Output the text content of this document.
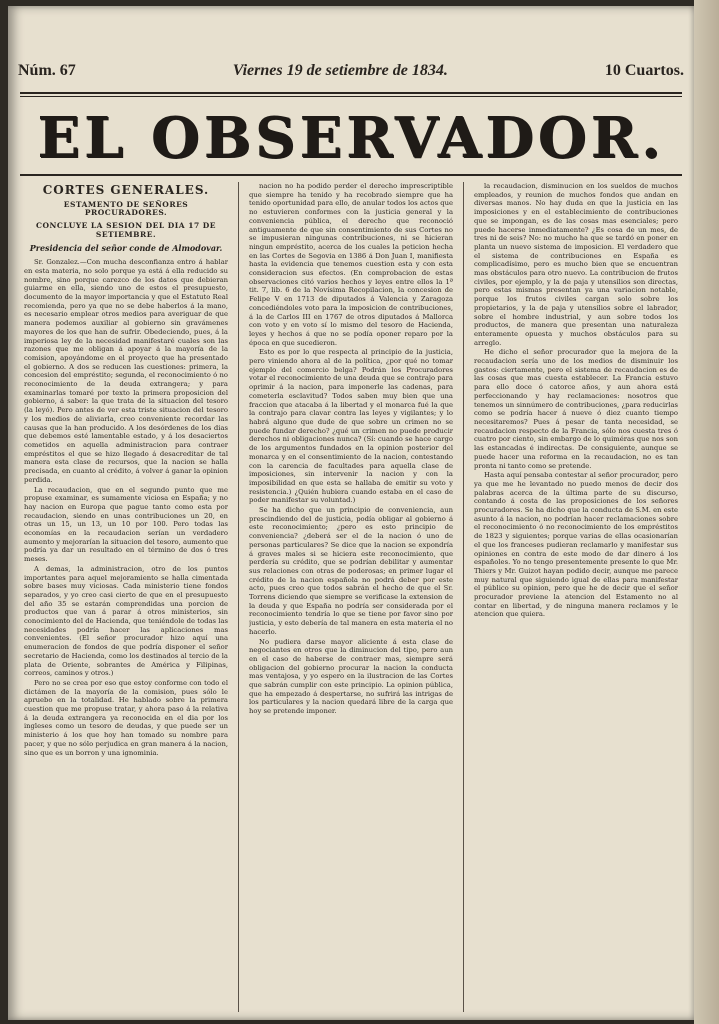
Núm. 67	Viernes 19 de setiembre de 1834.	10 Cuartos.
EL OBSERVADOR.
CORTES GENERALES.
ESTAMENTO DE SEÑORES PROCURADORES.
CONCLUYE LA SESION DEL DIA 17 DE SETIEMBRE.
Presidencia del señor conde de Almodovar.

Sr. Gonzalez.—Con mucha desconfianza entro á hablar en esta materia, no solo porque ya está á ella reducido su nombre, sino porque carezco de los datos que debieran guiarme en ella, siendo uno de estos el presupuesto, documento de la mayor importancia y que el Estatuto Real recomienda, pero ya que no se debe haberlos á la mano, es necesario emplear otros medios para averiguar de que manera podemos auxiliar al gobierno sin gravámenes mayores de los que han de sufrir. Obedeciendo, pues, á la imperiosa ley de la necesidad manifestaré cuales son las razones que me obligan á apoyar á la mayoría de la comision, apoyándome en el proyecto que ha presentado el gobierno. A dos se reducen las cuestiones: primera, la concesion del empréstito; segunda, el reconocimiento ó no reconocimiento de la deuda extrangera; y para examinarlas tomaré por texto la primera proposicion del gobierno, á saber: la que trata de la situacion del tesoro (la leyó). Pero antes de ver esta triste situacion del tesoro y los medios de aliviarla, creo conveniente recordar las causas que la han producido. A los desórdenes de los dias que debemos esté lamentable estado, y á los desaciertos cometidos en aquella administracion para contraer empréstitos el que se hizo llegado á desacreditar de tal manera esta clase de recursos, que la nacion se halla precisada, en cuanto al crédito, á volver á ganar la opinion perdida.

La recaudacion, que en el segundo punto que me propuse examinar, es sumamente viciosa en España; y no hay nacion en Europa que pague tanto como esta por recaudacion, siendo en unas contribuciones un 20, en otras un 15, un 13, un 10 por 100. Pero todas las economías en la recaudacion serían un verdadero aumento y mejorarían la situacion del tesoro, aumento que podría ya dar un resultado en el término de dos ó tres meses.

A demas, la administracion, otro de los puntos importantes para aquel mejoramiento se halla cimentada sobre bases muy viciosas. Cada ministerio tiene fondos separados, y yo creo casi cierto de que en el presupuesto del año 35 se estarán comprendidas una porcion de productos que van á parar á otros ministerios, sin conocimiento del de Hacienda, que teniéndole de todas las necesidades podría hacer las aplicaciones mas convenientes. (El señor procurador hizo aquí una enumeracion de fondos de que podría disponer el señor secretario de Hacienda, como los destinados al tercio de la plata de Oriente, sobrantes de América y Filipinas, correos, caminos y otros.)

Pero no se crea por eso que estoy conforme con todo el dictámen de la mayoría de la comision, pues sólo le apruebo en la totalidad. He hablado sobre la primera cuestion que me propuse tratar, y ahora paso á la relativa á la deuda extrangera ya reconocida en el dia por los ingleses como un tesoro de deudas, y que puede ser un ministerio á los que hoy han tomado su nombre para pacer, y que no sólo perjudica en gran manera á la nacion, sino que es un borron y una ignominia.

nacion no ha podido perder el derecho imprescriptible que siempre ha tenido y ha recobrado siempre que ha tenido oportunidad para ello, de anular todos los actos que no estuvieren conformes con la justicia general y la conveniencia pública, el derecho que reconoció antiguamente de que sin consentimiento de sus Cortes no se impusieran ningunas contribuciones, ni se hicieran ningun empréstito, acerca de los cuales la peticion hecha en las Cortes de Segovia en 1386 á Don Juan I, manifiesta hasta la evidencia que tenemos cuestion esta y con esta consideracion sus efectos. (En comprobacion de estas observaciones citó varios hechos y leyes entre ellos la 1ª tit. 7, lib. 6 de la Novísima Recopilacion, la concesion de Felipe V en 1713 de diputados á Valencia y Zaragoza concediéndoles voto para la imposicion de contribuciones, á la de Carlos III en 1767 de otros diputados á Mallorca con voto y en voto sí lo mismo del tesoro de Hacienda, leyes y hechos á que no se podía oponer reparo por la época en que sucedieron.

Esto es por lo que respecta al principio de la justicia, pero viniendo ahora al de la política, ¿por qué no tomar ejemplo del comercio belga? Podrán los Procuradores votar el reconocimiento de una deuda que se contrajo para oprimir á la nacion, para imponerle las cadenas, para cometerla esclavitud? Todos saben muy bien que una fraccion que atacaba á la libertad y el monarca fué la que la contrajo para clavar contra las leyes y vigilantes; y lo habrá alguno que dude de que sobre un crimen no se puede fundar derecho? ¿qué un crimen no puede producir derechos ni obligaciones nunca? (Sí: cuando se hace cargo de los argumentos fundados en la opinion posterior del monarca y en el consentimiento de la nacion, contestando con la carencia de facultades para aquella clase de imposiciones, sin intervenir la nacion y con la imposibilidad en que esta se hallaba de emitir su voto y resistencia.) ¿Quién hubiera cuando estaba en el caso de poder manifestar su voluntad.)

Se ha dicho que un principio de conveniencia, aun prescindiendo del de justicia, podía obligar al gobierno á este reconocimiento; ¿pero es esto principio de conveniencia? ¿deberá ser el de la nacion ó uno de personas particulares? Se dice que la nacion se expondría á graves males si se hiciera este reconocimiento, que perdería su crédito, que se podrían debilitar y aumentar sus relaciones con otras de poderosas; en primer lugar el crédito de la nacion española no podrá deber por este acto, pues creo que todos sabrán el hecho de que el Sr. Torrens diciendo que siempre se verificase la extension de la deuda y que España no podría ser considerada por el reconocimiento tendría lo que se tiene por favor sino por justicia, y esto debería de tal manera en esta materia el no hacerlo.

No pudiera darse mayor aliciente á esta clase de negociantes en otros que la diminucion del tipo, pero aun en el caso de haberse de contraer mas, siempre será obligacion del gobierno procurar la nacion la conducta mas ventajosa, y yo espero en la ilustracion de las Cortes que sabrán cumplir con este principio. La opinion pública, que ha empezado á despertarse, no sufrirá las intrigas de los particulares y la nacion quedará libre de la carga que hoy se pretende imponer.

la recaudacion, disminucion en los sueldos de muchos empleados, y reunion de muchos fondos que andan en diversas manos. No hay duda en que la justicia en las imposiciones y en el establecimiento de contribuciones que se impongan, es de las cosas mas esenciales; pero puede hacerse inmediatamente? ¿Es cosa de un mes, de tres ni de seis? No: no mucho ha que se tardó en poner en planta un nuevo sistema de imposicion. El verdadero que el sistema de contribuciones en España es complicadísimo, pero es mucho bien que se encuentran mas obstáculos para otro nuevo. La contribucion de frutos civiles, por ejemplo, y la de paja y utensilios son directas, pero estas mismas presentan ya una variacion notable, porque los frutos civiles cargan solo sobre los propietarios, y la de paja y utensilios sobre el labrador, sobre el hombre industrial, y aun sobre todos los productos, de manera que presentan una naturaleza enteramente opuesta y muchos obstáculos para su arreglo.

He dicho el señor procurador que la mejora de la recaudacion sería uno de los medios de disminuir los gastos: ciertamente, pero el sistema de recaudacion es de las cosas que mas cuesta establecer. La Francia estuvo para ello doce ó catorce años, y aun ahora está perfeccionando y hay reclamaciones: nosotros que tenemos un sinnúmero de contribuciones, ¿para reducirlas como se podría hacer á nueve ó diez cuanto tiempo necesitaremos? Pues á pesar de tanta necesidad, se recaudacion respecto de la Francia, sólo nos cuesta tres ó cuatro por ciento, sin embargo de lo quiméras que nos son las estancadas é indirectas. De consiguiente, aunque se puede hacer una reforma en la recaudacion, no es tan pronta ni tanto como se pretende.

Hasta aquí pensaba contestar al señor procurador, pero ya que me he levantado no puedo menos de decir dos palabras acerca de la última parte de su discurso, contando á costa de las proposiciones de los señores procuradores. Se ha dicho que la conducta de S.M. en este asunto á la nacion, no podrían hacer reclamaciones sobre el reconocimiento ó no reconocimiento de los empréstitos de 1823 y siguientes; porque varias de ellas ocasionarían el que los franceses pudieran reclamarlo y manifestar sus opiniones en contra de este modo de dar dinero á los españoles. Yo no tengo presentemente presente lo que Mr. Thiers y Mr. Guizot hayan podido decir, aunque me parece muy natural que siguiendo igual de ellas para manifestar el público su opinion, pero que he de decir que el señor procurador previene la atencion del Estamento no al contar en libertad, y de ninguna manera reclamos y le atencion que quiera.
